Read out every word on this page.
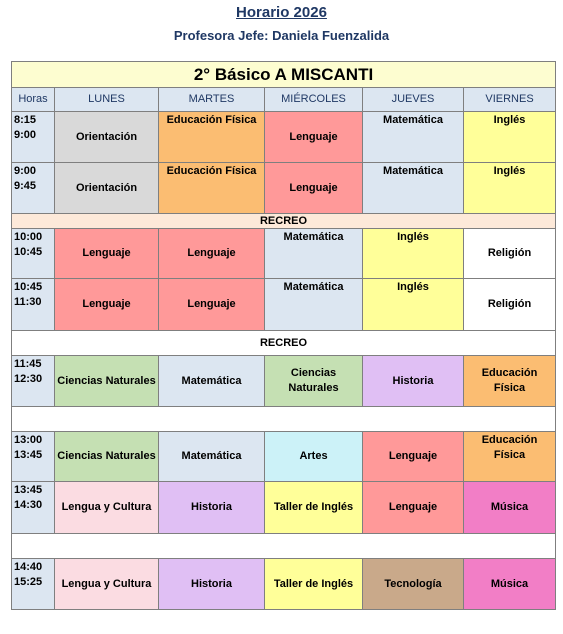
Horario 2026
Profesora Jefe: Daniela Fuenzalida
2° Básico A MISCANTI					
Horas	LUNES	MARTES	MIÉRCOLES	JUEVES	VIERNES

8:15
9:00	Orientación	Educación Física	Lenguaje	Matemática	Inglés

9:00
9:45	Orientación	Educación Física	Lenguaje	Matemática	Inglés
RECREO					

10:00
10:45	Lenguaje	Lenguaje	Matemática	Inglés	Religión

10:45
11:30	Lenguaje	Lenguaje	Matemática	Inglés	Religión
RECREO					

11:45
12:30	Ciencias Naturales	Matemática	Ciencias Naturales	Historia	Educación Física

13:00
13:45	Ciencias Naturales	Matemática	Artes	Lenguaje	Educación Física

13:45
14:30	Lengua y Cultura	Historia	Taller de Inglés	Lenguaje	Música

14:40
15:25	Lengua y Cultura	Historia	Taller de Inglés	Tecnología	Música
